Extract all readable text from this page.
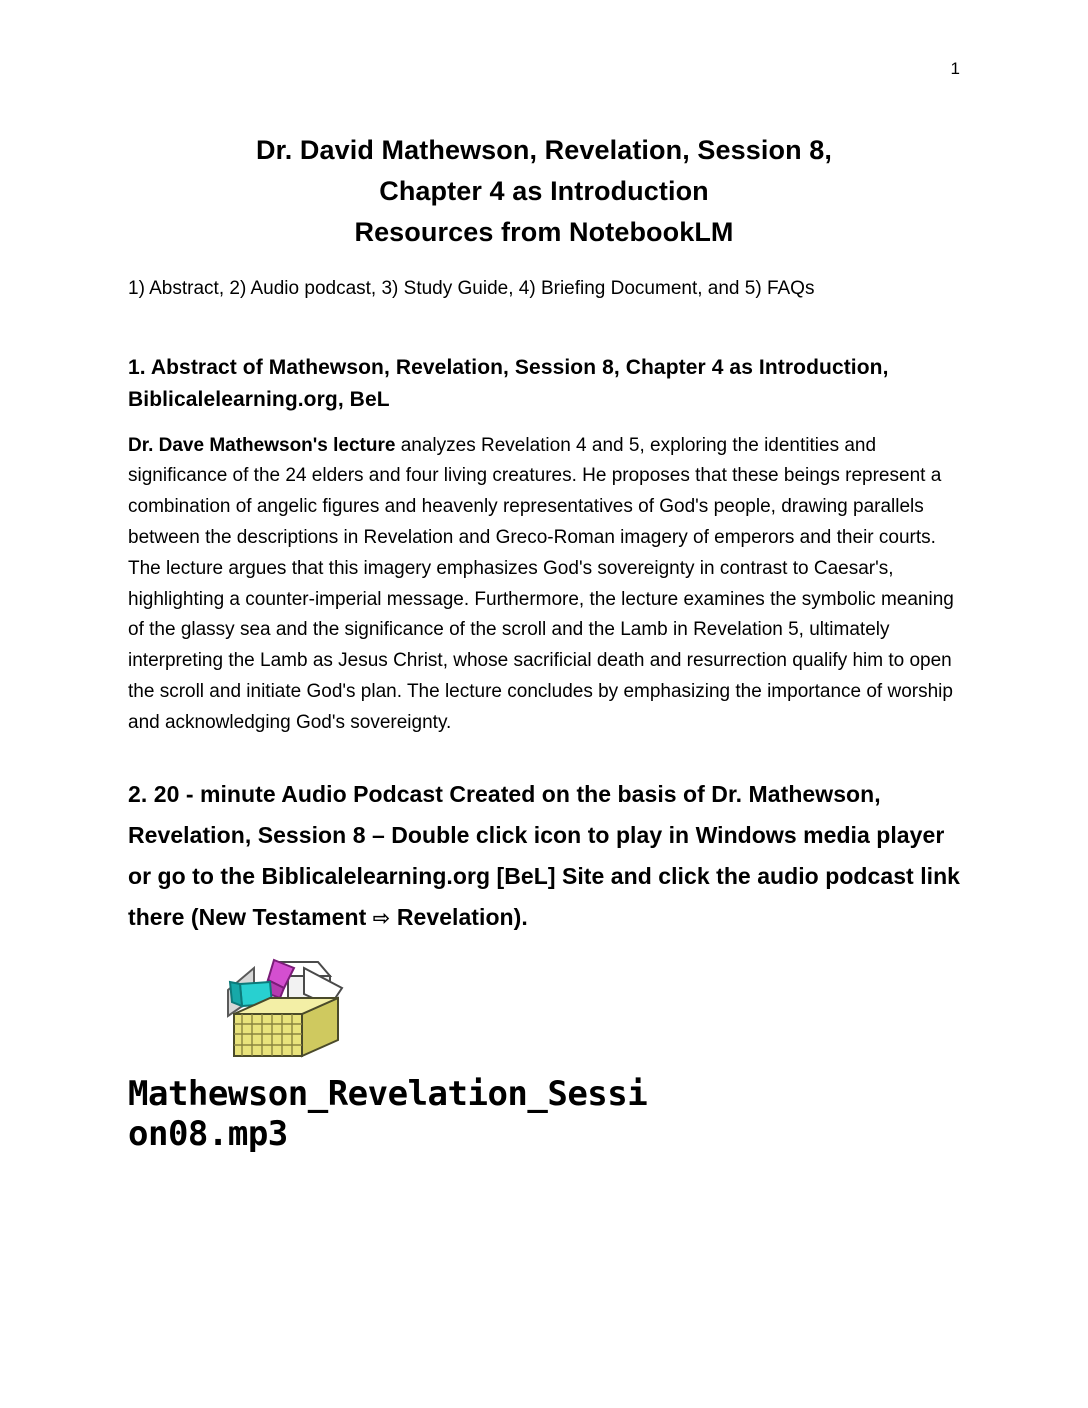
1
Dr. David Mathewson, Revelation, Session 8,
Chapter 4 as Introduction
Resources from NotebookLM

1) Abstract, 2) Audio podcast, 3) Study Guide, 4) Briefing Document, and 5) FAQs

1. Abstract of Mathewson, Revelation, Session 8, Chapter 4 as Introduction, Biblicalelearning.org, BeL

Dr. Dave Mathewson's lecture analyzes Revelation 4 and 5, exploring the identities and significance of the 24 elders and four living creatures. He proposes that these beings represent a combination of angelic figures and heavenly representatives of God's people, drawing parallels between the descriptions in Revelation and Greco-Roman imagery of emperors and their courts. The lecture argues that this imagery emphasizes God's sovereignty in contrast to Caesar's, highlighting a counter-imperial message. Furthermore, the lecture examines the symbolic meaning of the glassy sea and the significance of the scroll and the Lamb in Revelation 5, ultimately interpreting the Lamb as Jesus Christ, whose sacrificial death and resurrection qualify him to open the scroll and initiate God's plan. The lecture concludes by emphasizing the importance of worship and acknowledging God's sovereignty.

2. 20 - minute Audio Podcast Created on the basis of Dr. Mathewson, Revelation, Session 8 – Double click icon to play in Windows media player or go to the Biblicalelearning.org [BeL] Site and click the audio podcast link there (New Testament ⇨ Revelation).
Mathewson_Revelation_Session08.mp3
